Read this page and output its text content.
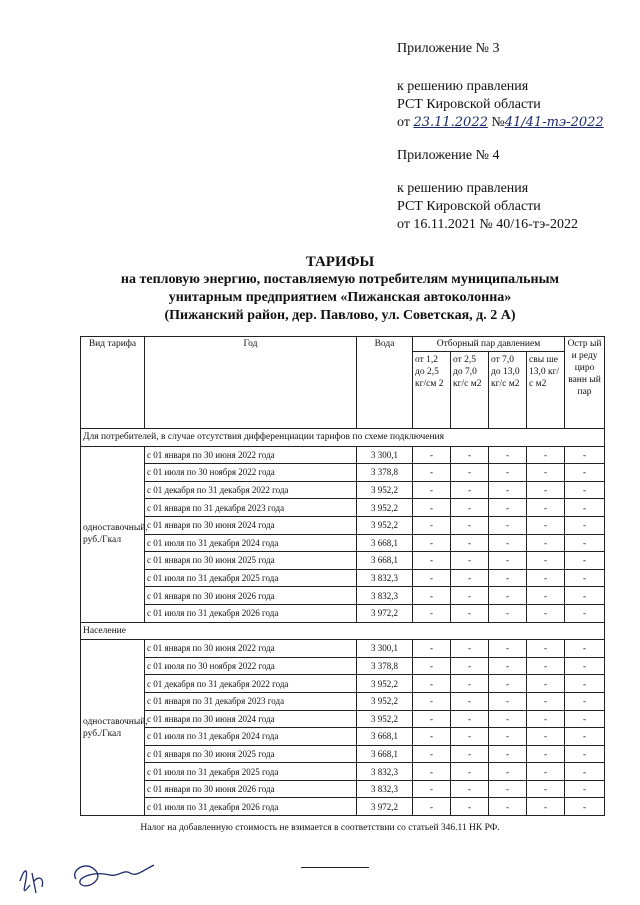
Приложение № 3
к решению правления
РСТ Кировской области
от 23.11.2022 №41/41-тэ-2022
Приложение № 4
к решению правления
РСТ Кировской области
от 16.11.2021 № 40/16-тэ-2022
ТАРИФЫ
на тепловую энергию, поставляемую потребителям муниципальным
унитарным предприятием «Пижанская автоколонна»
(Пижанский район, дер. Павлово, ул. Советская, д. 2 А)
Вид тарифа	Год	Вода	Отборный пар давлением				Остр ый и реду циро ванн ый пар
			от 1,2 до 2,5 кг/см 2	от 2,5 до 7,0 кг/с м2	от 7,0 до 13,0 кг/с м2	свы ше 13,0 кг/с м2	
Для потребителей, в случае отсутствия дифференциации тарифов по схеме подключения							
одноставочный, руб./Гкал	с 01 января по 30 июня 2022 года	3 300,1	-	-	-	-	-
	с 01 июля по 30 ноября 2022 года	3 378,8	-	-	-	-	-
	с 01 декабря по 31 декабря 2022 года	3 952,2	-	-	-	-	-
	с 01 января по 31 декабря 2023 года	3 952,2	-	-	-	-	-
	с 01 января по 30 июня 2024 года	3 952,2	-	-	-	-	-
	с 01 июля по 31 декабря 2024 года	3 668,1	-	-	-	-	-
	с 01 января по 30 июня 2025 года	3 668,1	-	-	-	-	-
	с 01 июля по 31 декабря 2025 года	3 832,3	-	-	-	-	-
	с 01 января по 30 июня 2026 года	3 832,3	-	-	-	-	-
	с 01 июля по 31 декабря 2026 года	3 972,2	-	-	-	-	-
Население							
одноставочный, руб./Гкал	с 01 января по 30 июня 2022 года	3 300,1	-	-	-	-	-
	с 01 июля по 30 ноября 2022 года	3 378,8	-	-	-	-	-
	с 01 декабря по 31 декабря 2022 года	3 952,2	-	-	-	-	-
	с 01 января по 31 декабря 2023 года	3 952,2	-	-	-	-	-
	с 01 января по 30 июня 2024 года	3 952,2	-	-	-	-	-
	с 01 июля по 31 декабря 2024 года	3 668,1	-	-	-	-	-
	с 01 января по 30 июня 2025 года	3 668,1	-	-	-	-	-
	с 01 июля по 31 декабря 2025 года	3 832,3	-	-	-	-	-
	с 01 января по 30 июня 2026 года	3 832,3	-	-	-	-	-
	с 01 июля по 31 декабря 2026 года	3 972,2	-	-	-	-	-
Налог на добавленную стоимость не взимается в соответствии со статьей 346.11 НК РФ.
